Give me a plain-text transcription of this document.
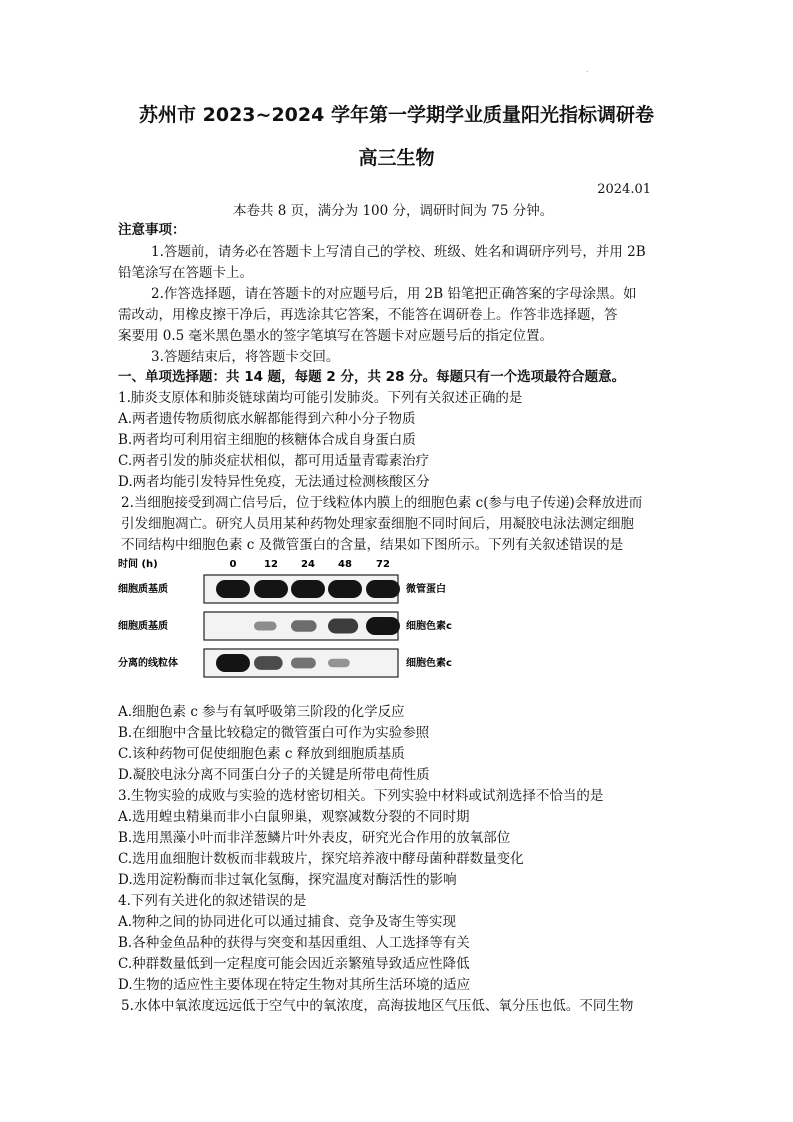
.
苏州市 2023~2024 学年第一学期学业质量阳光指标调研卷
高三生物
2024.01
本卷共 8 页，满分为 100 分，调研时间为 75 分钟。
注意事项：
1.答题前，请务必在答题卡上写清自己的学校、班级、姓名和调研序列号，并用 2B
铅笔涂写在答题卡上。
2.作答选择题，请在答题卡的对应题号后，用 2B 铅笔把正确答案的字母涂黑。如
需改动，用橡皮擦干净后，再选涂其它答案，不能答在调研卷上。作答非选择题，答
案要用 0.5 毫米黑色墨水的签字笔填写在答题卡对应题号后的指定位置。
3.答题结束后，将答题卡交回。
一、单项选择题：共 14 题，每题 2 分，共 28 分。每题只有一个选项最符合题意。
1.肺炎支原体和肺炎链球菌均可能引发肺炎。下列有关叙述正确的是
A.两者遗传物质彻底水解都能得到六种小分子物质
B.两者均可利用宿主细胞的核糖体合成自身蛋白质
C.两者引发的肺炎症状相似，都可用适量青霉素治疗
D.两者均能引发特异性免疫，无法通过检测核酸区分
2.当细胞接受到凋亡信号后，位于线粒体内膜上的细胞色素 c(参与电子传递)会释放进而
引发细胞凋亡。研究人员用某种药物处理家蚕细胞不同时间后，用凝胶电泳法测定细胞
不同结构中细胞色素 c 及微管蛋白的含量，结果如下图所示。下列有关叙述错误的是
时间 (h)	0	12 24 48 72
细胞质基质	微管蛋白
细胞质基质	细胞色素c
分离的线粒体	细胞色素c
A.细胞色素 c 参与有氧呼吸第三阶段的化学反应
B.在细胞中含量比较稳定的微管蛋白可作为实验参照
C.该种药物可促使细胞色素 c 释放到细胞质基质
D.凝胶电泳分离不同蛋白分子的关键是所带电荷性质
3.生物实验的成败与实验的选材密切相关。下列实验中材料或试剂选择不恰当的是
A.选用蝗虫精巢而非小白鼠卵巢，观察减数分裂的不同时期
B.选用黑藻小叶而非洋葱鳞片叶外表皮，研究光合作用的放氧部位
C.选用血细胞计数板而非载玻片，探究培养液中酵母菌种群数量变化
D.选用淀粉酶而非过氧化氢酶，探究温度对酶活性的影响
4.下列有关进化的叙述错误的是
A.物种之间的协同进化可以通过捕食、竞争及寄生等实现
B.各种金鱼品种的获得与突变和基因重组、人工选择等有关
C.种群数量低到一定程度可能会因近亲繁殖导致适应性降低
D.生物的适应性主要体现在特定生物对其所生活环境的适应
5.水体中氧浓度远远低于空气中的氧浓度，高海拔地区气压低、氧分压也低。不同生物
